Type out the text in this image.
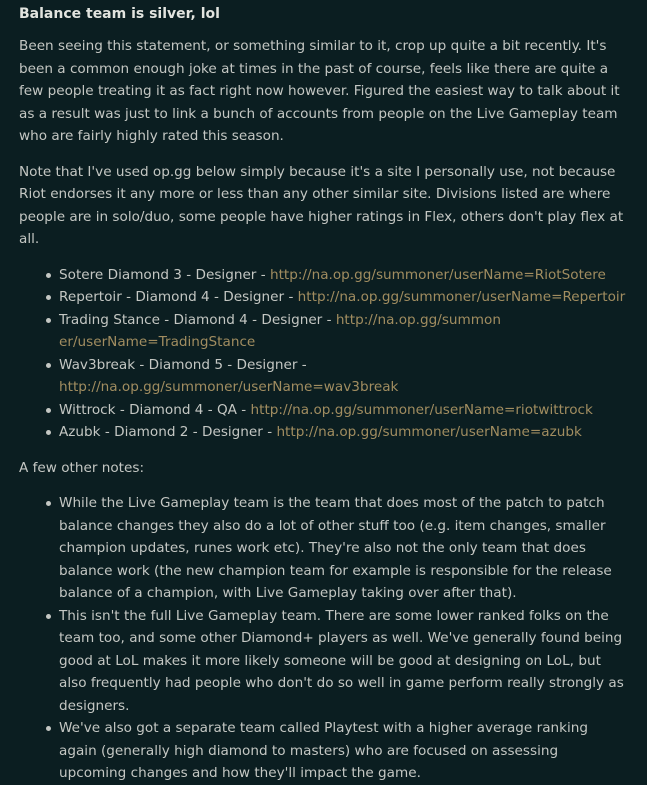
Balance team is silver, lol

Been seeing this statement, or something similar to it, crop up quite a bit recently. It's been a common enough joke at times in the past of course, feels like there are quite a few people treating it as fact right now however. Figured the easiest way to talk about it as a result was just to link a bunch of accounts from people on the Live Gameplay team who are fairly highly rated this season.

Note that I've used op.gg below simply because it's a site I personally use, not because Riot endorses it any more or less than any other similar site. Divisions listed are where people are in solo/duo, some people have higher ratings in Flex, others don't play flex at all.

Sotere Diamond 3 - Designer - http://na.op.gg/summoner/userName=RiotSotere
Repertoir - Diamond 4 - Designer - http://na.op.gg/summoner/userName=Repertoir
Trading Stance - Diamond 4 - Designer - http://na.op.gg/summoner/userName=TradingStance
Wav3break - Diamond 5 - Designer - http://na.op.gg/summoner/userName=wav3break
Wittrock - Diamond 4 - QA - http://na.op.gg/summoner/userName=riotwittrock
Azubk - Diamond 2 - Designer - http://na.op.gg/summoner/userName=azubk

A few other notes:

While the Live Gameplay team is the team that does most of the patch to patch balance changes they also do a lot of other stuff too (e.g. item changes, smaller champion updates, runes work etc). They're also not the only team that does balance work (the new champion team for example is responsible for the release balance of a champion, with Live Gameplay taking over after that).
This isn't the full Live Gameplay team. There are some lower ranked folks on the team too, and some other Diamond+ players as well. We've generally found being good at LoL makes it more likely someone will be good at designing on LoL, but also frequently had people who don't do so well in game perform really strongly as designers.
We've also got a separate team called Playtest with a higher average ranking again (generally high diamond to masters) who are focused on assessing upcoming changes and how they'll impact the game.
